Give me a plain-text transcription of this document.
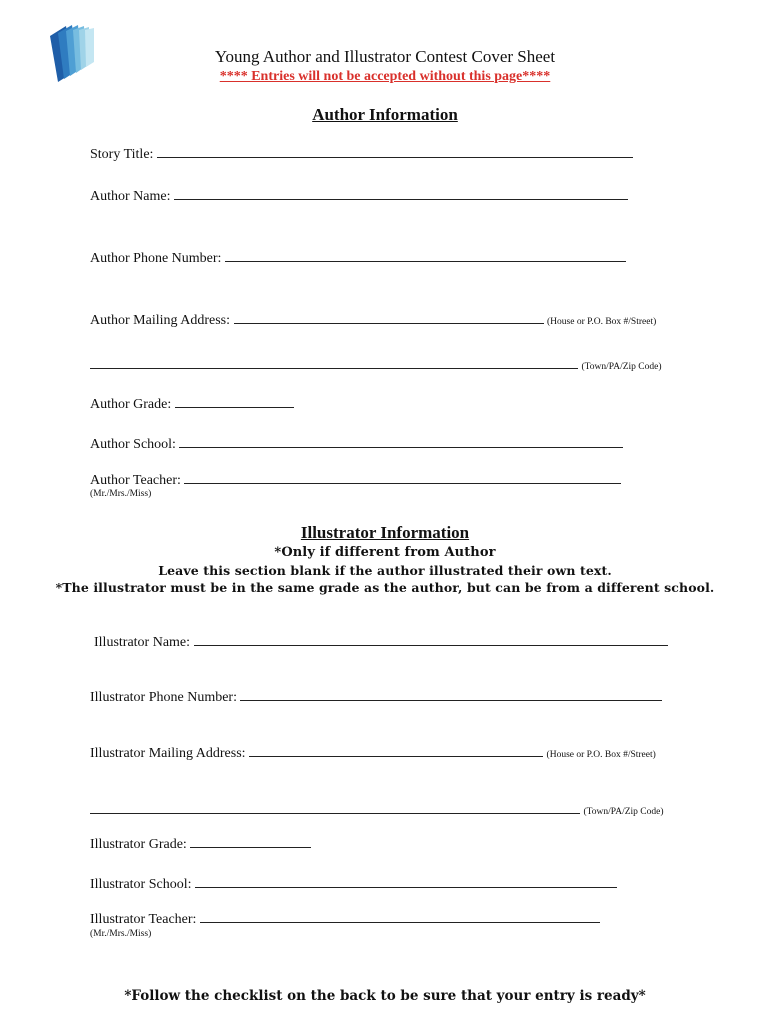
Young Author and Illustrator Contest Cover Sheet
**** Entries will not be accepted without this page****
Author Information
Story Title:
Author Name:
Author Phone Number:
Author Mailing Address:	(House or P.O. Box #/Street)
(Town/PA/Zip Code)
Author Grade:
Author School:
Author Teacher:
(Mr./Mrs./Miss)
Illustrator Information
*Only if different from Author
Leave this section blank if the author illustrated their own text.
*The illustrator must be in the same grade as the author, but can be from a different school.
Illustrator Name:
Illustrator Phone Number:
Illustrator Mailing Address:	(House or P.O. Box #/Street)
(Town/PA/Zip Code)
Illustrator Grade:
Illustrator School:
Illustrator Teacher:
(Mr./Mrs./Miss)
*Follow the checklist on the back to be sure that your entry is ready*
